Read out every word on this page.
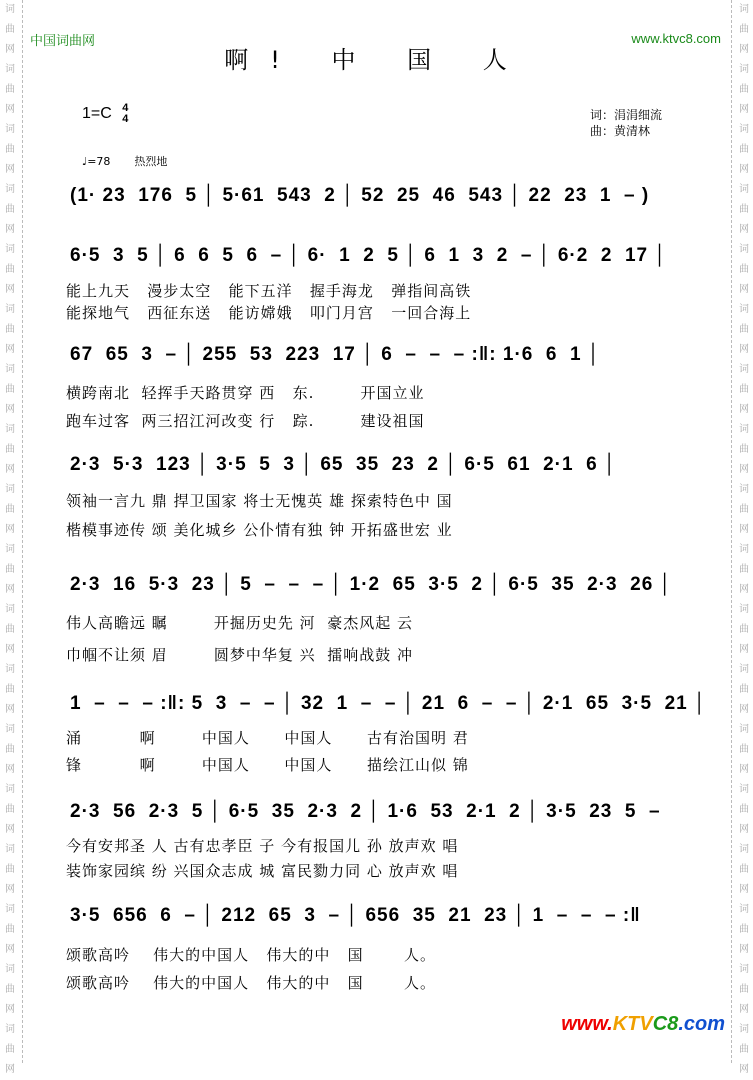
词
曲
网
词
曲
网
词
曲
网
词
曲
网
词
曲
网
词
曲
网
词
曲
网
词
曲
网
词
曲
网
词
曲
网
词
曲
网
词
曲
网
词
曲
网
词
曲
网
词
曲
网
词
曲
网
词
曲
网
词
曲
网
词
曲
网
词
曲
网
词
曲
网
词
曲
网
词
曲
网
词
曲
网
词
曲
网
词
曲
网
词
曲
网
词
曲
网
词
曲
网
词
曲
网
词
曲
网
词
曲
网
词
曲
网
词
曲
网
词
曲
网
词
曲
网
中国词曲网	www.ktvc8.com
啊! 中 国 人
1=C 4
4	词：涓涓细流
曲：黄清林
♩=78 热烈地
(1· 23  176  5 │ 5·61  543  2 │ 52  25  46  543 │ 22  23  1  – )
6·5  3  5 │ 6  6  5  6  – │ 6·  1  2  5 │ 6  1  3  2  – │ 6·2  2  17 │
能上九天   漫步太空   能下五洋   握手海龙   弹指间高铁
能探地气   西征东送   能访嫦娥   叩门月宫   一回合海上
67  65  3  – │ 255  53  223  17 │ 6  –  –  – :‖: 1·6  6  1 │
横跨南北  轻挥手天路贯穿 西   东.        开国立业
跑车过客  两三招江河改变 行   踪.        建设祖国
2·3  5·3  123 │ 3·5  5  3 │ 65  35  23  2 │ 6·5  61  2·1  6 │
领袖一言九 鼎 捍卫国家 将士无愧英 雄 探索特色中 国
楷模事迹传 颂 美化城乡 公仆情有独 钟 开拓盛世宏 业
2·3  16  5·3  23 │ 5  –  –  – │ 1·2  65  3·5  2 │ 6·5  35  2·3  26 │
伟人高瞻远 瞩        开掘历史先 河  豪杰风起 云
巾帼不让须 眉        圆梦中华复 兴  擂响战鼓 冲
1  –  –  – :‖: 5  3  –  – │ 32  1  –  – │ 21  6  –  – │ 2·1  65  3·5  21 │
涌          啊        中国人      中国人      古有治国明 君
锋          啊        中国人      中国人      描绘江山似 锦
2·3  56  2·3  5 │ 6·5  35  2·3  2 │ 1·6  53  2·1  2 │ 3·5  23  5  –
今有安邦圣 人 古有忠孝臣 子 今有报国儿 孙 放声欢 唱
装饰家园缤 纷 兴国众志成 城 富民勠力同 心 放声欢 唱
3·5  656  6  – │ 212  65  3  – │ 656  35  21  23 │ 1  –  –  – :‖
颂歌高吟    伟大的中国人   伟大的中   国       人。
颂歌高吟    伟大的中国人   伟大的中   国       人。
www.KTVC8.com
